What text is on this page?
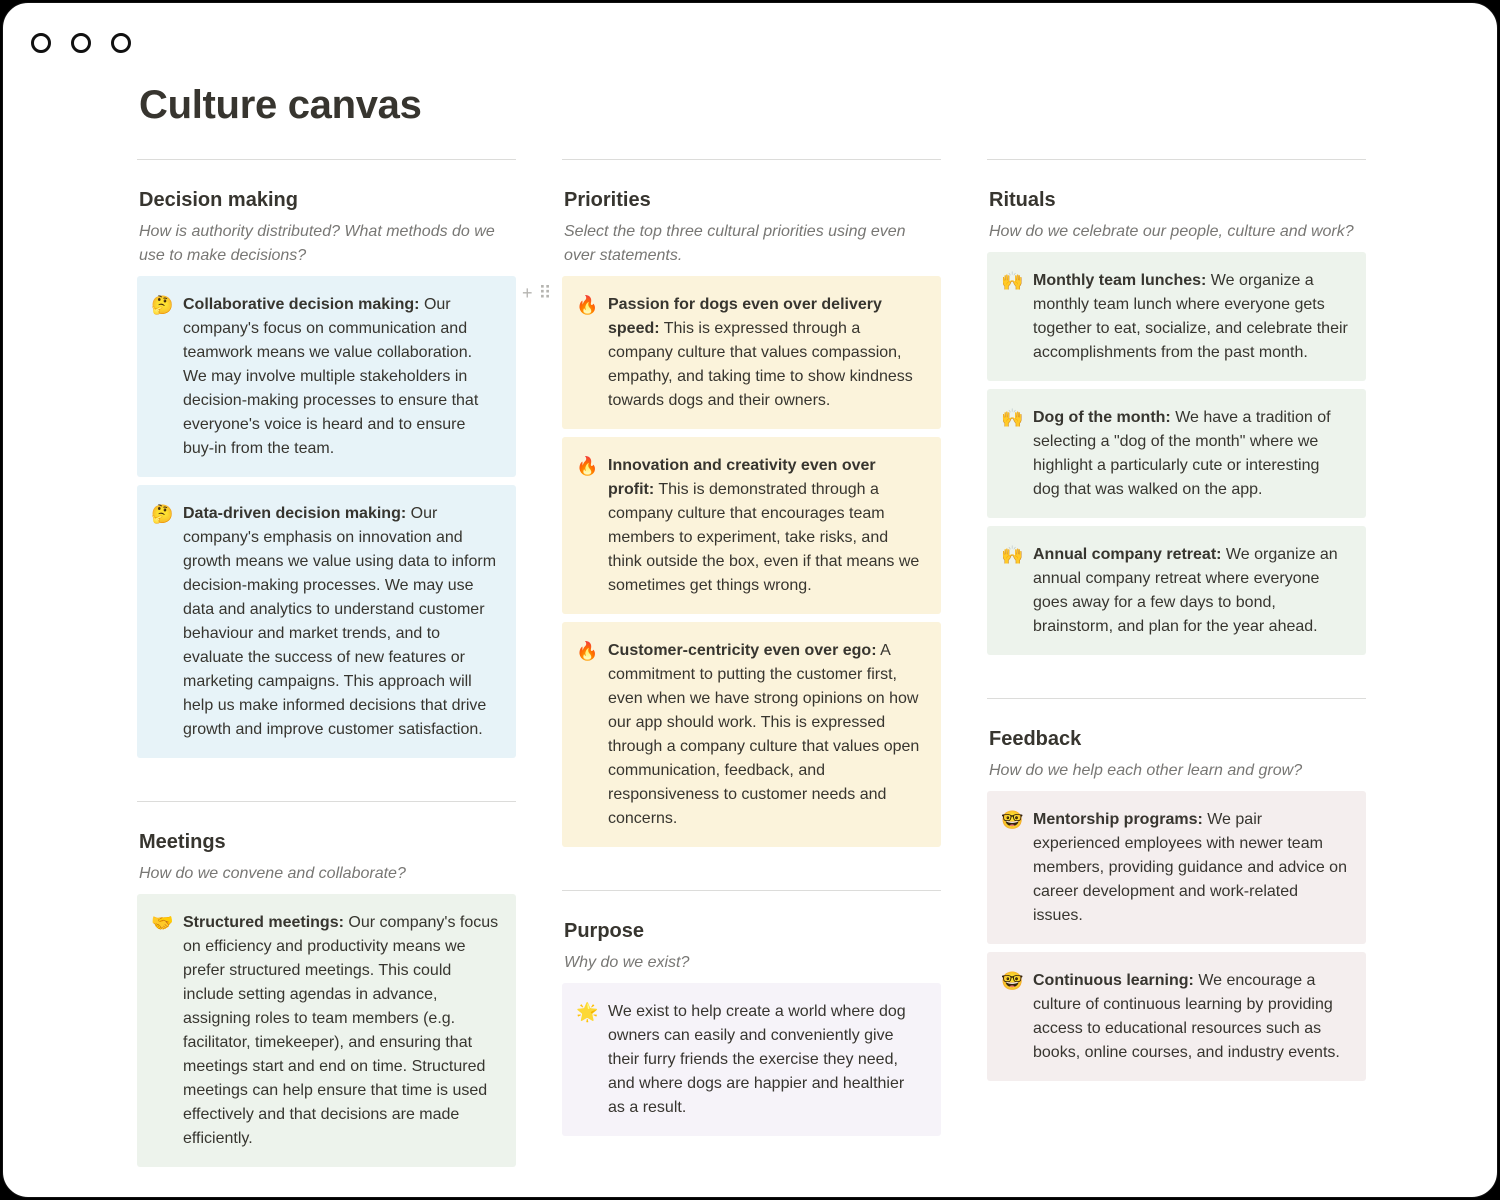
Culture canvas
+ ⠿
Decision making

How is authority distributed? What methods do we use to make decisions?

🤔 Collaborative decision making: Our company's focus on communication and teamwork means we value collaboration. We may involve multiple stakeholders in decision-making processes to ensure that everyone's voice is heard and to ensure buy-in from the team.
🤔 Data-driven decision making: Our company's emphasis on innovation and growth means we value using data to inform decision-making processes. We may use data and analytics to understand customer behaviour and market trends, and to evaluate the success of new features or marketing campaigns. This approach will help us make informed decisions that drive growth and improve customer satisfaction.
Meetings

How do we convene and collaborate?

🤝 Structured meetings: Our company's focus on efficiency and productivity means we prefer structured meetings. This could include setting agendas in advance, assigning roles to team members (e.g. facilitator, timekeeper), and ensuring that meetings start and end on time. Structured meetings can help ensure that time is used effectively and that decisions are made efficiently.
Priorities

Select the top three cultural priorities using even over statements.

🔥 Passion for dogs even over delivery speed: This is expressed through a company culture that values compassion, empathy, and taking time to show kindness towards dogs and their owners.
🔥 Innovation and creativity even over profit: This is demonstrated through a company culture that encourages team members to experiment, take risks, and think outside the box, even if that means we sometimes get things wrong.
🔥 Customer-centricity even over ego: A commitment to putting the customer first, even when we have strong opinions on how our app should work. This is expressed through a company culture that values open communication, feedback, and responsiveness to customer needs and concerns.
Purpose

Why do we exist?

🌟 We exist to help create a world where dog owners can easily and conveniently give their furry friends the exercise they need, and where dogs are happier and healthier as a result.
Rituals

How do we celebrate our people, culture and work?

🙌 Monthly team lunches: We organize a monthly team lunch where everyone gets together to eat, socialize, and celebrate their accomplishments from the past month.
🙌 Dog of the month: We have a tradition of selecting a "dog of the month" where we highlight a particularly cute or interesting dog that was walked on the app.
🙌 Annual company retreat: We organize an annual company retreat where everyone goes away for a few days to bond, brainstorm, and plan for the year ahead.
Feedback

How do we help each other learn and grow?

🤓 Mentorship programs: We pair experienced employees with newer team members, providing guidance and advice on career development and work-related issues.
🤓 Continuous learning: We encourage a culture of continuous learning by providing access to educational resources such as books, online courses, and industry events.
